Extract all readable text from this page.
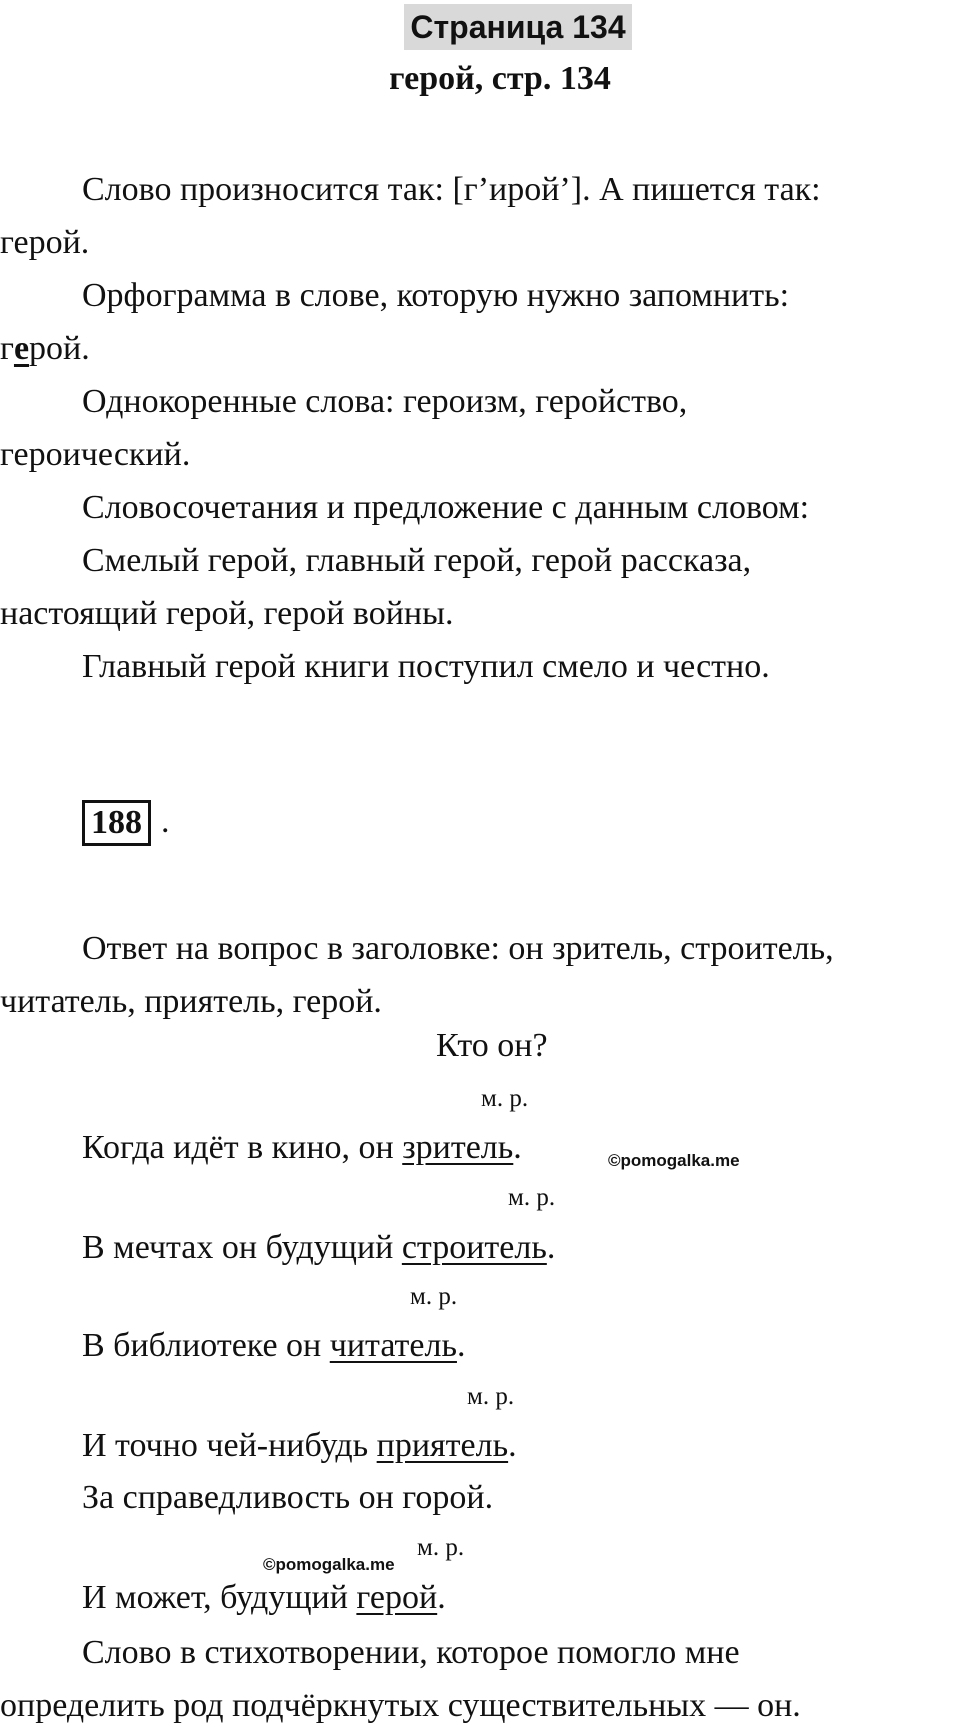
Страница 134
герой, стр. 134
Слово произносится так: [г’ирой’]. А пишется так:
герой.
Орфограмма в слове, которую нужно запомнить:
герой.
Однокоренные слова: героизм, геройство,
героический.
Словосочетания и предложение с данным словом:
Смелый герой, главный герой, герой рассказа,
настоящий герой, герой войны.
Главный герой книги поступил смело и честно.
188 .
Ответ на вопрос в заголовке: он зритель, строитель,
читатель, приятель, герой.
Кто он?
м. р.
Когда идёт в кино, он зритель.	©pomogalka.me
м. р.
В мечтах он будущий строитель.
м. р.
В библиотеке он читатель.
м. р.
И точно чей-нибудь приятель.
За справедливость он горой.
©pomogalka.me
м. р.
И может, будущий герой.
Слово в стихотворении, которое помогло мне
определить род подчёркнутых существительных — он.
